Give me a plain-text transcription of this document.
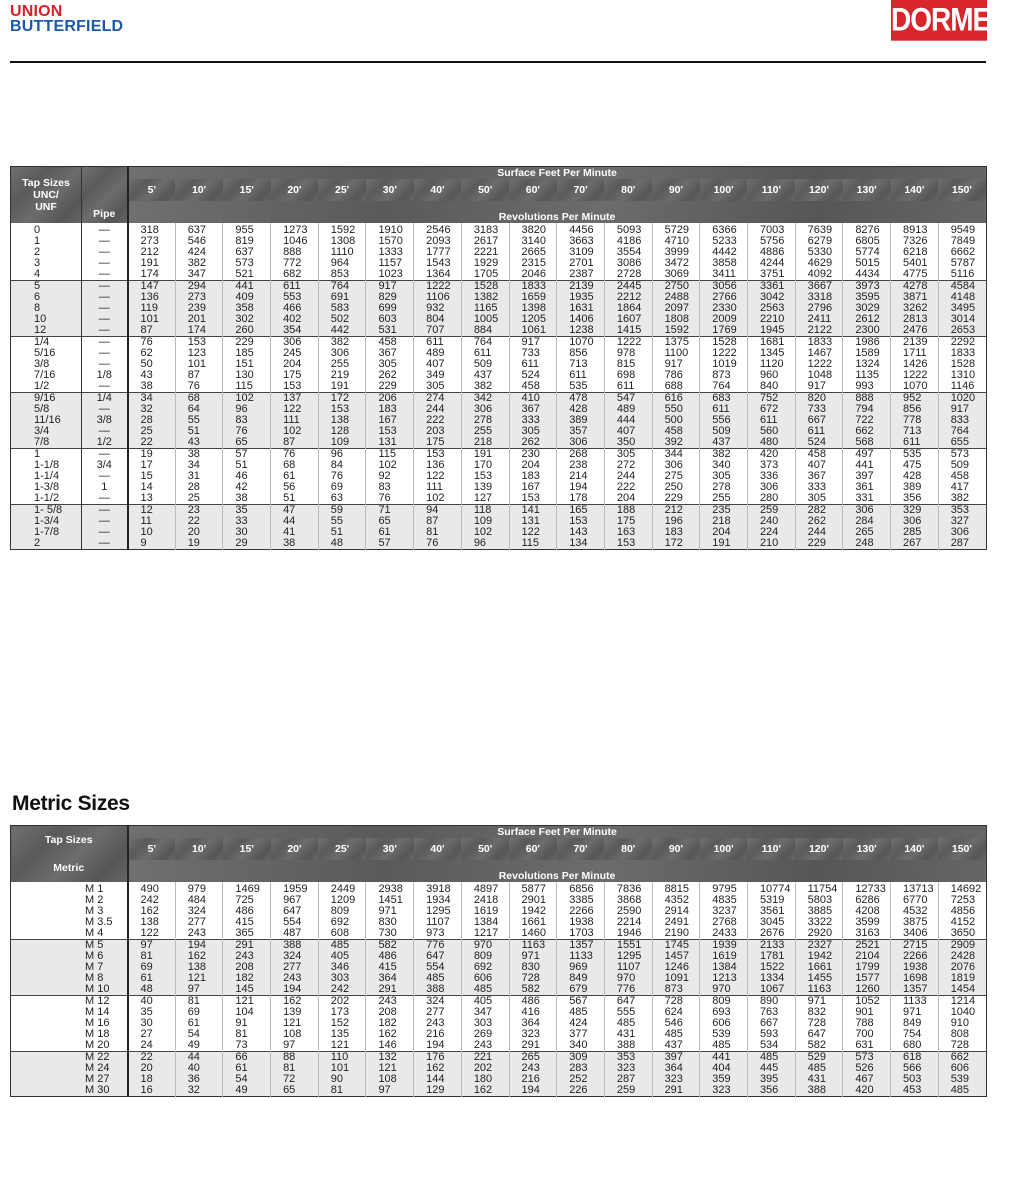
UNION
BUTTERFIELD	DORMER
Tap Sizes
UNC/
UNF	Pipe	Surface Feet Per Minute																	
		5'	10'	15'	20'	25'	30'	40'	50'	60'	70'	80'	90'	100'	110'	120'	130'	140'	150'

		Revolutions Per Minute																	
0	—	318	637	955	1273	1592	1910	2546	3183	3820	4456	5093	5729	6366	7003	7639	8276	8913	9549
1	—	273	546	819	1046	1308	1570	2093	2617	3140	3663	4186	4710	5233	5756	6279	6805	7326	7849
2	—	212	424	637	888	1110	1333	1777	2221	2665	3109	3554	3999	4442	4886	5330	5774	6218	6662
3	—	191	382	573	772	964	1157	1543	1929	2315	2701	3086	3472	3858	4244	4629	5015	5401	5787
4	—	174	347	521	682	853	1023	1364	1705	2046	2387	2728	3069	3411	3751	4092	4434	4775	5116
5	—	147	294	441	611	764	917	1222	1528	1833	2139	2445	2750	3056	3361	3667	3973	4278	4584
6	—	136	273	409	553	691	829	1106	1382	1659	1935	2212	2488	2766	3042	3318	3595	3871	4148
8	—	119	239	358	466	583	699	932	1165	1398	1631	1864	2097	2330	2563	2796	3029	3262	3495
10	—	101	201	302	402	502	603	804	1005	1205	1406	1607	1808	2009	2210	2411	2612	2813	3014
12	—	87	174	260	354	442	531	707	884	1061	1238	1415	1592	1769	1945	2122	2300	2476	2653
1/4	—	76	153	229	306	382	458	611	764	917	1070	1222	1375	1528	1681	1833	1986	2139	2292
5/16	—	62	123	185	245	306	367	489	611	733	856	978	1100	1222	1345	1467	1589	1711	1833
3/8	—	50	101	151	204	255	305	407	509	611	713	815	917	1019	1120	1222	1324	1426	1528
7/16	1/8	43	87	130	175	219	262	349	437	524	611	698	786	873	960	1048	1135	1222	1310
1/2	—	38	76	115	153	191	229	305	382	458	535	611	688	764	840	917	993	1070	1146
9/16	1/4	34	68	102	137	172	206	274	342	410	478	547	616	683	752	820	888	952	1020
5/8	—	32	64	96	122	153	183	244	306	367	428	489	550	611	672	733	794	856	917
11/16	3/8	28	55	83	111	138	167	222	278	333	389	444	500	556	611	667	722	778	833
3/4	—	25	51	76	102	128	153	203	255	305	357	407	458	509	560	611	662	713	764
7/8	1/2	22	43	65	87	109	131	175	218	262	306	350	392	437	480	524	568	611	655
1	—	19	38	57	76	96	115	153	191	230	268	305	344	382	420	458	497	535	573
1-1/8	3/4	17	34	51	68	84	102	136	170	204	238	272	306	340	373	407	441	475	509
1-1/4	—	15	31	46	61	76	92	122	153	183	214	244	275	305	336	367	397	428	458
1-3/8	1	14	28	42	56	69	83	111	139	167	194	222	250	278	306	333	361	389	417
1-1/2	—	13	25	38	51	63	76	102	127	153	178	204	229	255	280	305	331	356	382
1- 5/8	—	12	23	35	47	59	71	94	118	141	165	188	212	235	259	282	306	329	353
1-3/4	—	11	22	33	44	55	65	87	109	131	153	175	196	218	240	262	284	306	327
1-7/8	—	10	20	30	41	51	61	81	102	122	143	163	183	204	224	244	265	285	306
2	—	9	19	29	38	48	57	76	96	115	134	153	172	191	210	229	248	267	287
Metric Sizes
Tap Sizes
Metric	Surface Feet Per Minute																	
	5'	10'	15'	20'	25'	30'	40'	50'	60'	70'	80'	90'	100'	110'	120'	130'	140'	150'

	Revolutions Per Minute																	
M 1	490	979	1469	1959	2449	2938	3918	4897	5877	6856	7836	8815	9795	10774	11754	12733	13713	14692
M 2	242	484	725	967	1209	1451	1934	2418	2901	3385	3868	4352	4835	5319	5803	6286	6770	7253
M 3	162	324	486	647	809	971	1295	1619	1942	2266	2590	2914	3237	3561	3885	4208	4532	4856
M 3.5	138	277	415	554	692	830	1107	1384	1661	1938	2214	2491	2768	3045	3322	3599	3875	4152
M 4	122	243	365	487	608	730	973	1217	1460	1703	1946	2190	2433	2676	2920	3163	3406	3650
M 5	97	194	291	388	485	582	776	970	1163	1357	1551	1745	1939	2133	2327	2521	2715	2909
M 6	81	162	243	324	405	486	647	809	971	1133	1295	1457	1619	1781	1942	2104	2266	2428
M 7	69	138	208	277	346	415	554	692	830	969	1107	1246	1384	1522	1661	1799	1938	2076
M 8	61	121	182	243	303	364	485	606	728	849	970	1091	1213	1334	1455	1577	1698	1819
M 10	48	97	145	194	242	291	388	485	582	679	776	873	970	1067	1163	1260	1357	1454
M 12	40	81	121	162	202	243	324	405	486	567	647	728	809	890	971	1052	1133	1214
M 14	35	69	104	139	173	208	277	347	416	485	555	624	693	763	832	901	971	1040
M 16	30	61	91	121	152	182	243	303	364	424	485	546	606	667	728	788	849	910
M 18	27	54	81	108	135	162	216	269	323	377	431	485	539	593	647	700	754	808
M 20	24	49	73	97	121	146	194	243	291	340	388	437	485	534	582	631	680	728
M 22	22	44	66	88	110	132	176	221	265	309	353	397	441	485	529	573	618	662
M 24	20	40	61	81	101	121	162	202	243	283	323	364	404	445	485	526	566	606
M 27	18	36	54	72	90	108	144	180	216	252	287	323	359	395	431	467	503	539
M 30	16	32	49	65	81	97	129	162	194	226	259	291	323	356	388	420	453	485
